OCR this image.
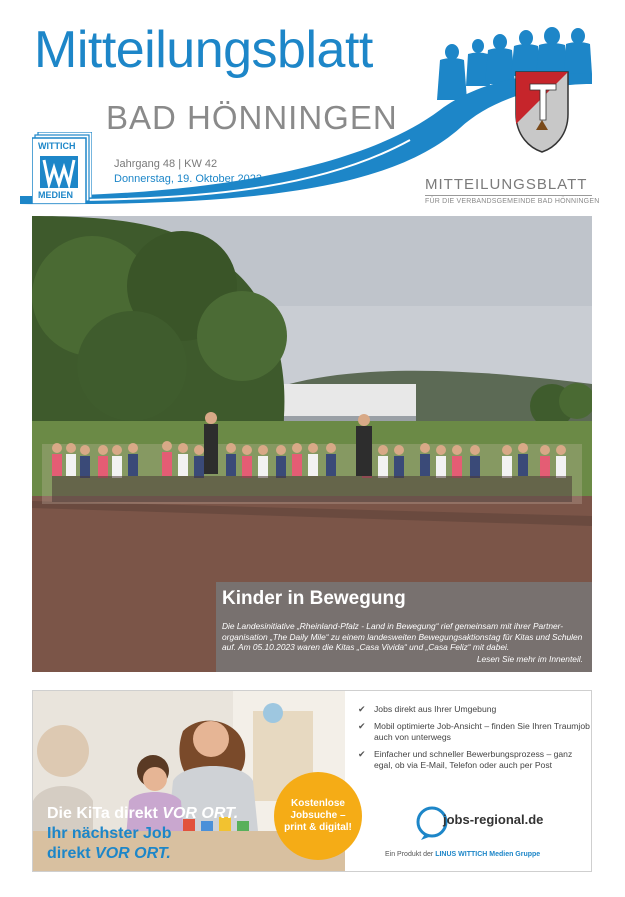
Mitteilungsblatt
BAD HÖNNINGEN
WITTICH
MEDIEN
Jahrgang 48 | KW 42
Donnerstag, 19. Oktober 2023	MITTEILUNGSBLATT
FÜR DIE VERBANDSGEMEINDE BAD HÖNNINGEN
Kinder in Bewegung
Die Landesinitiative „Rheinland-Pfalz - Land in Bewegung“ rief gemeinsam mit ihrer Partner-organisation „The Daily Mile“ zu einem landesweiten Bewegungsaktionstag für Kitas und Schulen auf. Am 05.10.2023 waren die Kitas „Casa Vivida“ und „Casa Feliz“ mit dabei.
Lesen Sie mehr im Innenteil.
Die KiTa direkt VOR ORT.
Ihr nächster Job
direkt VOR ORT.
Kostenlose
Jobsuche –
print & digital!
✔ Jobs direkt aus Ihrer Umgebung
✔ Mobil optimierte Job-Ansicht – finden Sie Ihren Traumjob auch von unterwegs
✔ Einfacher und schneller Bewerbungsprozess – ganz egal, ob via E-Mail, Telefon oder auch per Post
jobs-regional.de
Ein Produkt der LINUS WITTICH Medien Gruppe
